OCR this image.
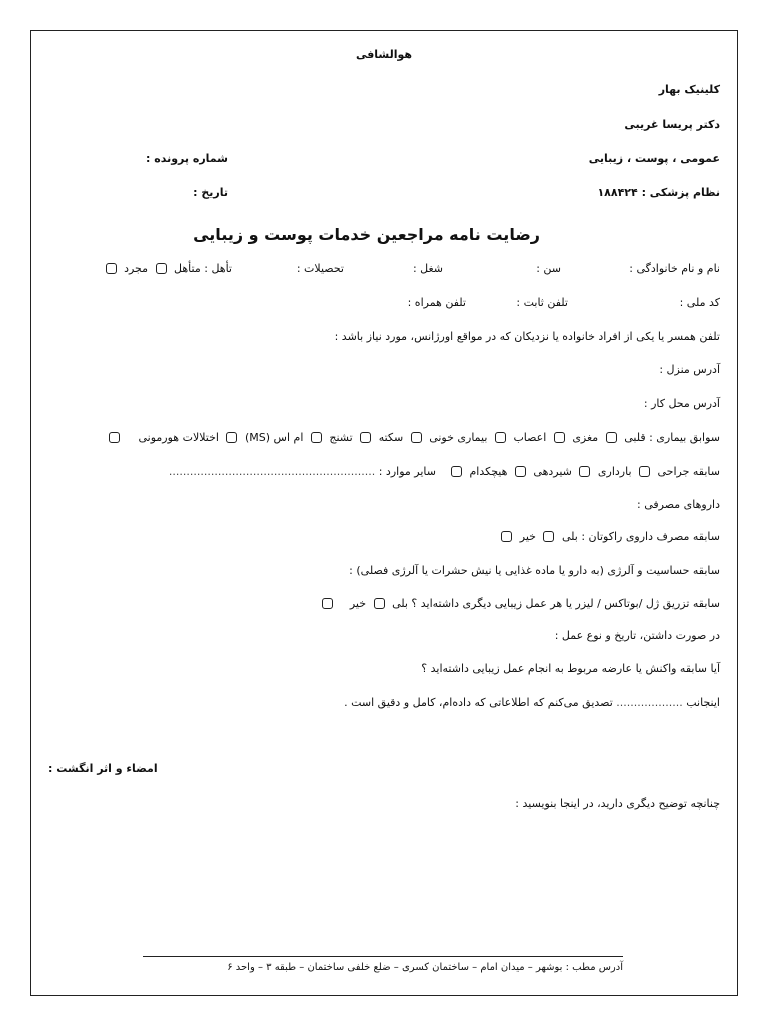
هوالشافی
کلینیک بهار
دکتر پریسا غریبی
عمومی ، پوست ، زیبایی
شماره پرونده :
نظام پزشکی : ۱۸۸۴۲۴
تاریخ :
رضایت نامه مراجعین خدمات پوست و زیبایی
نام و نام خانوادگی :
سن :
شغل :
تحصیلات :
تأهل : متأهل  مجرد
کد ملی :
تلفن ثابت :
تلفن همراه :
تلفن همسر یا یکی از افراد خانواده یا نزدیکان که در مواقع اورژانس، مورد نیاز باشد :
آدرس منزل :
آدرس محل کار :
سوابق بیماری : قلبی  مغزی  اعصاب  بیماری خونی  سکته  تشنج  ام اس (MS)  اختلالات هورمونی
سابقه جراحی  بارداری  شیردهی  هیچکدام   سایر موارد : ...........................................................
داروهای مصرفی :
سابقه مصرف داروی راکوتان : بلی  خیر
سابقه حساسیت و آلرژی (به دارو یا ماده غذایی یا نیش حشرات یا آلرژی فصلی) :
سابقه تزریق ژل /بوتاکس / لیزر یا هر عمل زیبایی دیگری داشته‌اید ؟ بلی  خیر
در صورت داشتن، تاریخ و نوع عمل :
آیا سابقه واکنش یا عارضه مربوط به انجام عمل زیبایی داشته‌اید ؟
اینجانب ................... تصدیق می‌کنم که اطلاعاتی که داده‌ام، کامل و دقیق است .
امضاء و اثر انگشت :
چنانچه توضیح دیگری دارید، در اینجا بنویسید :
آدرس مطب : بوشهر – میدان امام – ساختمان کسری – ضلع خلفی ساختمان – طبقه ۳ – واحد ۶
